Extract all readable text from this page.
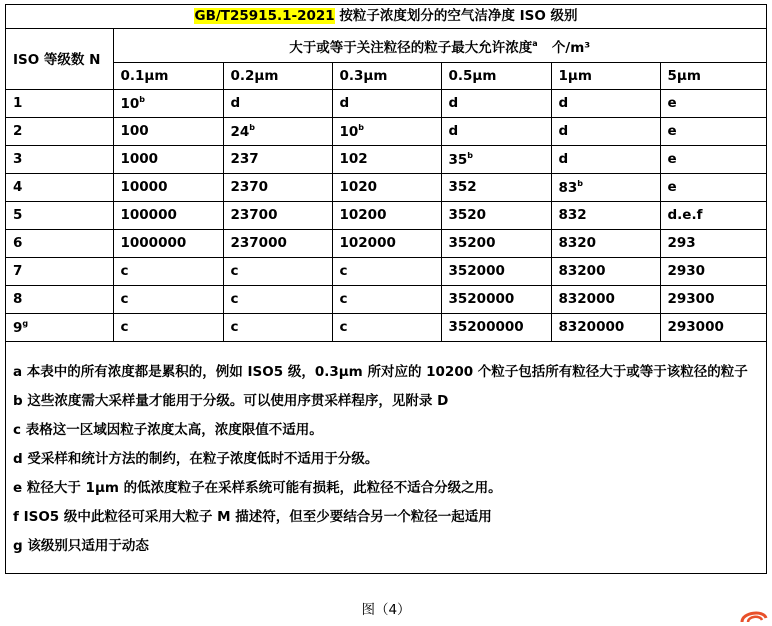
GB/T25915.1-2021 按粒子浓度划分的空气洁净度 ISO 级别
ISO 等级数 N	大于或等于关注粒径的粒子最大允许浓度$^a$ 个/m³					
	0.1μm	0.2μm	0.3μm	0.5μm	1μm	5μm
1	10$^b$	d	d	d	d	e
2	100	24$^b$	10$^b$	d	d	e
3	1000	237	102	35$^b$	d	e
4	10000	2370	1020	352	83$^b$	e
5	100000	23700	10200	3520	832	d.e.f
6	1000000	237000	102000	35200	8320	293
7	c	c	c	352000	83200	2930
8	c	c	c	3520000	832000	29300
9$^g$	c	c	c	35200000	8320000	293000
a 本表中的所有浓度都是累积的，例如 ISO5 级，0.3μm 所对应的 10200 个粒子包括所有粒径大于或等于该粒径的粒子
b 这些浓度需大采样量才能用于分级。可以使用序贯采样程序，见附录 D
c 表格这一区域因粒子浓度太高，浓度限值不适用。
d 受采样和统计方法的制约，在粒子浓度低时不适用于分级。
e 粒径大于 1μm 的低浓度粒子在采样系统可能有损耗，此粒径不适合分级之用。
f ISO5 级中此粒径可采用大粒子 M 描述符，但至少要结合另一个粒径一起适用
g 该级别只适用于动态
图（4）
